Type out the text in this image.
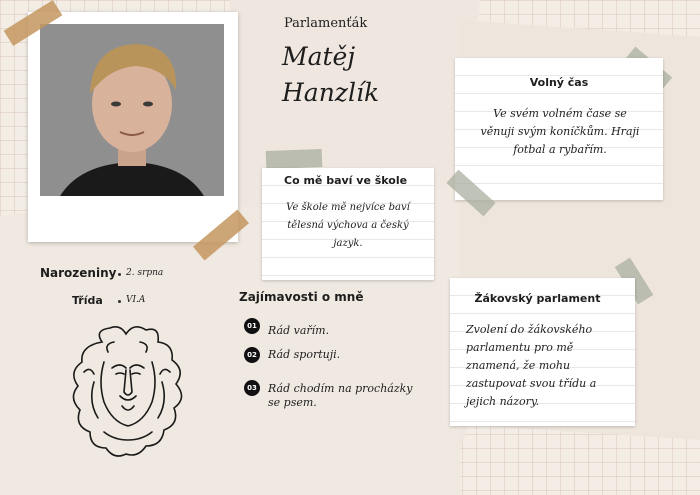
Parlamenťák
Matěj
Hanzlík	Volný čas
Ve svém volném čase se věnuji svým koníčkům. Hraji fotbal a rybařím.
Co mě baví ve škole
Ve škole mě nejvíce baví tělesná výchova a český jazyk.
Žákovský parlament
Zvolení do žákovského parlamentu pro mě znamená, že mohu zastupovat svou třídu a jejich názory.
Narozeniny 2. srpna
Třída	VI.A	Zajímavosti o mně
01 Rád vařím.
02 Rád sportuji.
03 Rád chodím na procházky se psem.
